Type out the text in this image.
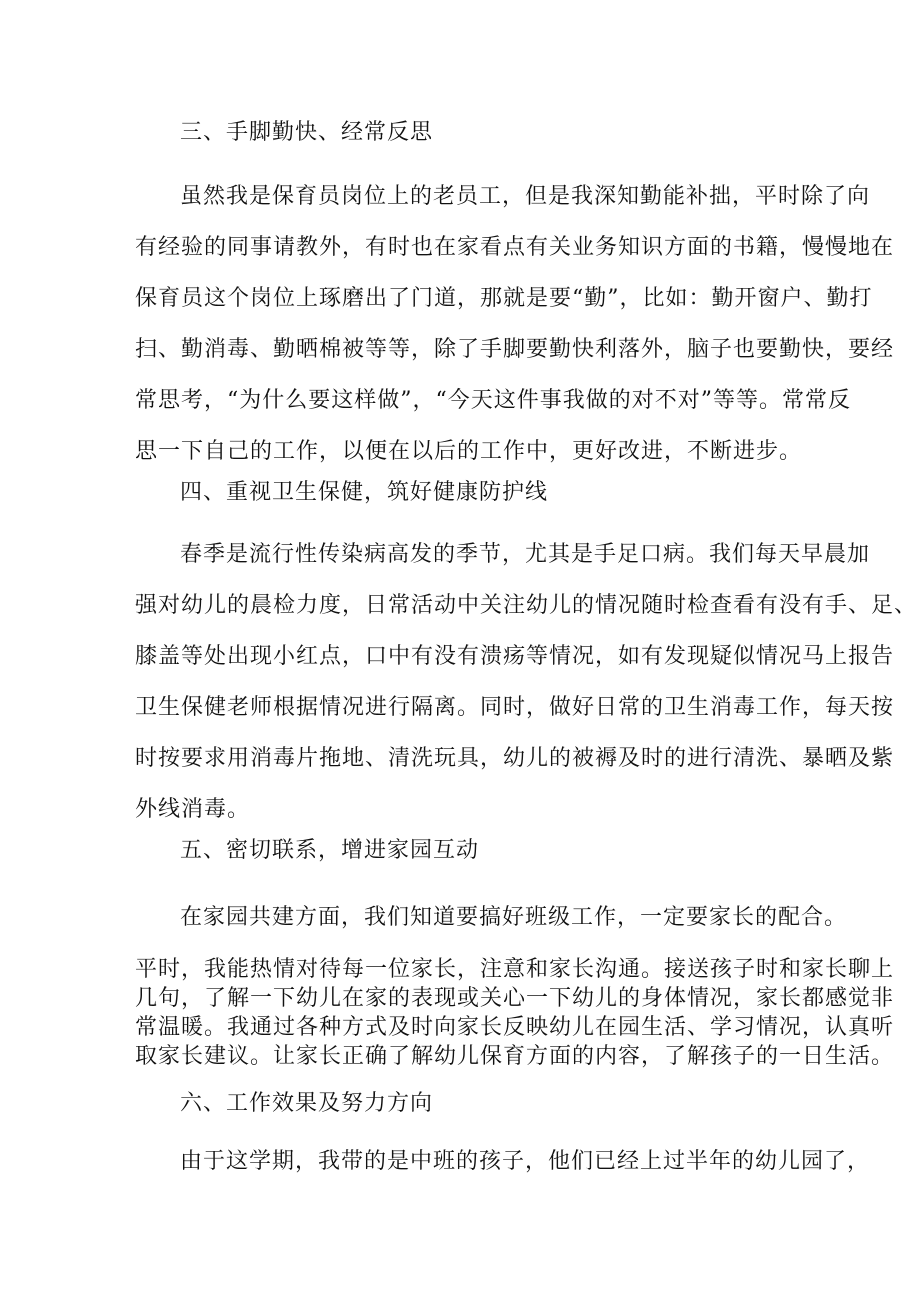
三、手脚勤快、经常反思
虽然我是保育员岗位上的老员工，但是我深知勤能补拙，平时除了向
有经验的同事请教外，有时也在家看点有关业务知识方面的书籍，慢慢地在
保育员这个岗位上琢磨出了门道，那就是要“勤”，比如：勤开窗户、勤打
扫、勤消毒、勤晒棉被等等，除了手脚要勤快利落外，脑子也要勤快，要经
常思考，“为什么要这样做”，“今天这件事我做的对不对”等等。常常反
思一下自己的工作，以便在以后的工作中，更好改进，不断进步。
四、重视卫生保健，筑好健康防护线
春季是流行性传染病高发的季节，尤其是手足口病。我们每天早晨加
强对幼儿的晨检力度，日常活动中关注幼儿的情况随时检查看有没有手、足、
膝盖等处出现小红点，口中有没有溃疡等情况，如有发现疑似情况马上报告
卫生保健老师根据情况进行隔离。同时，做好日常的卫生消毒工作，每天按
时按要求用消毒片拖地、清洗玩具，幼儿的被褥及时的进行清洗、暴晒及紫
外线消毒。
五、密切联系，增进家园互动
在家园共建方面，我们知道要搞好班级工作，一定要家长的配合。
平时，我能热情对待每一位家长，注意和家长沟通。接送孩子时和家长聊上
几句，了解一下幼儿在家的表现或关心一下幼儿的身体情况，家长都感觉非
常温暖。我通过各种方式及时向家长反映幼儿在园生活、学习情况，认真听
取家长建议。让家长正确了解幼儿保育方面的内容，了解孩子的一日生活。
六、工作效果及努力方向
由于这学期，我带的是中班的孩子，他们已经上过半年的幼儿园了，
